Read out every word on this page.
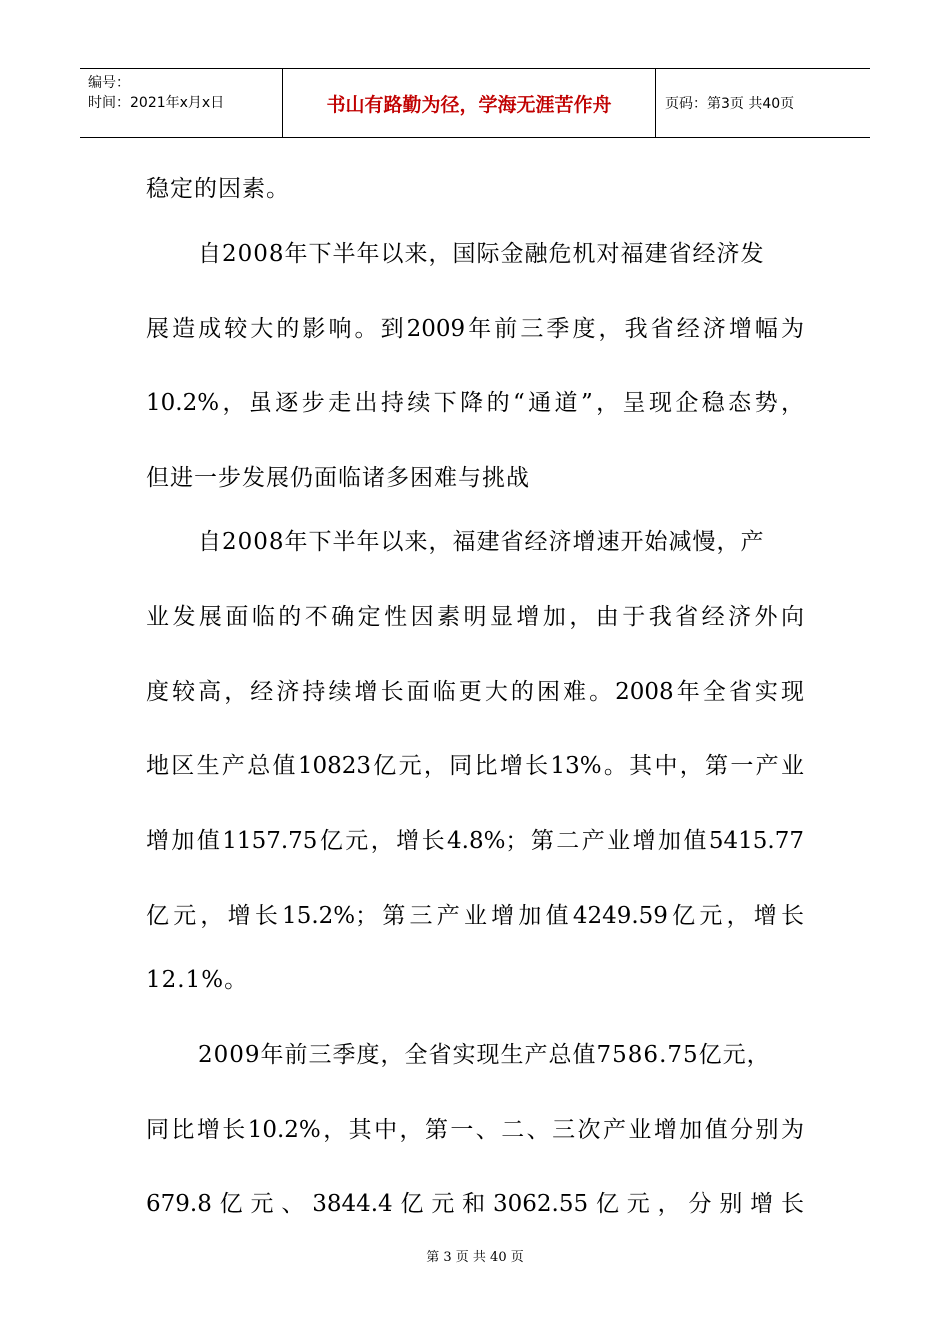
编号：
时间：2021年x月x日	书山有路勤为径，学海无涯苦作舟	页码：第3页 共40页
稳定的因素。
自2008年下半年以来，国际金融危机对福建省经济发
展造成较大的影响。到2009年前三季度，我省经济增幅为
10.2%，虽逐步走出持续下降的“通道”，呈现企稳态势，
但进一步发展仍面临诸多困难与挑战
自2008年下半年以来，福建省经济增速开始减慢，产
业发展面临的不确定性因素明显增加，由于我省经济外向
度较高，经济持续增长面临更大的困难。2008年全省实现
地区生产总值10823亿元，同比增长13%。其中，第一产业
增加值1157.75亿元，增长4.8%；第二产业增加值5415.77
亿元，增长15.2%；第三产业增加值4249.59亿元，增长
12.1%。
2009年前三季度，全省实现生产总值7586.75亿元，
同比增长10.2%，其中，第一、二、三次产业增加值分别为
679.8亿元、3844.4亿元和3062.55亿元，分别增长
第 3 页 共 40 页
